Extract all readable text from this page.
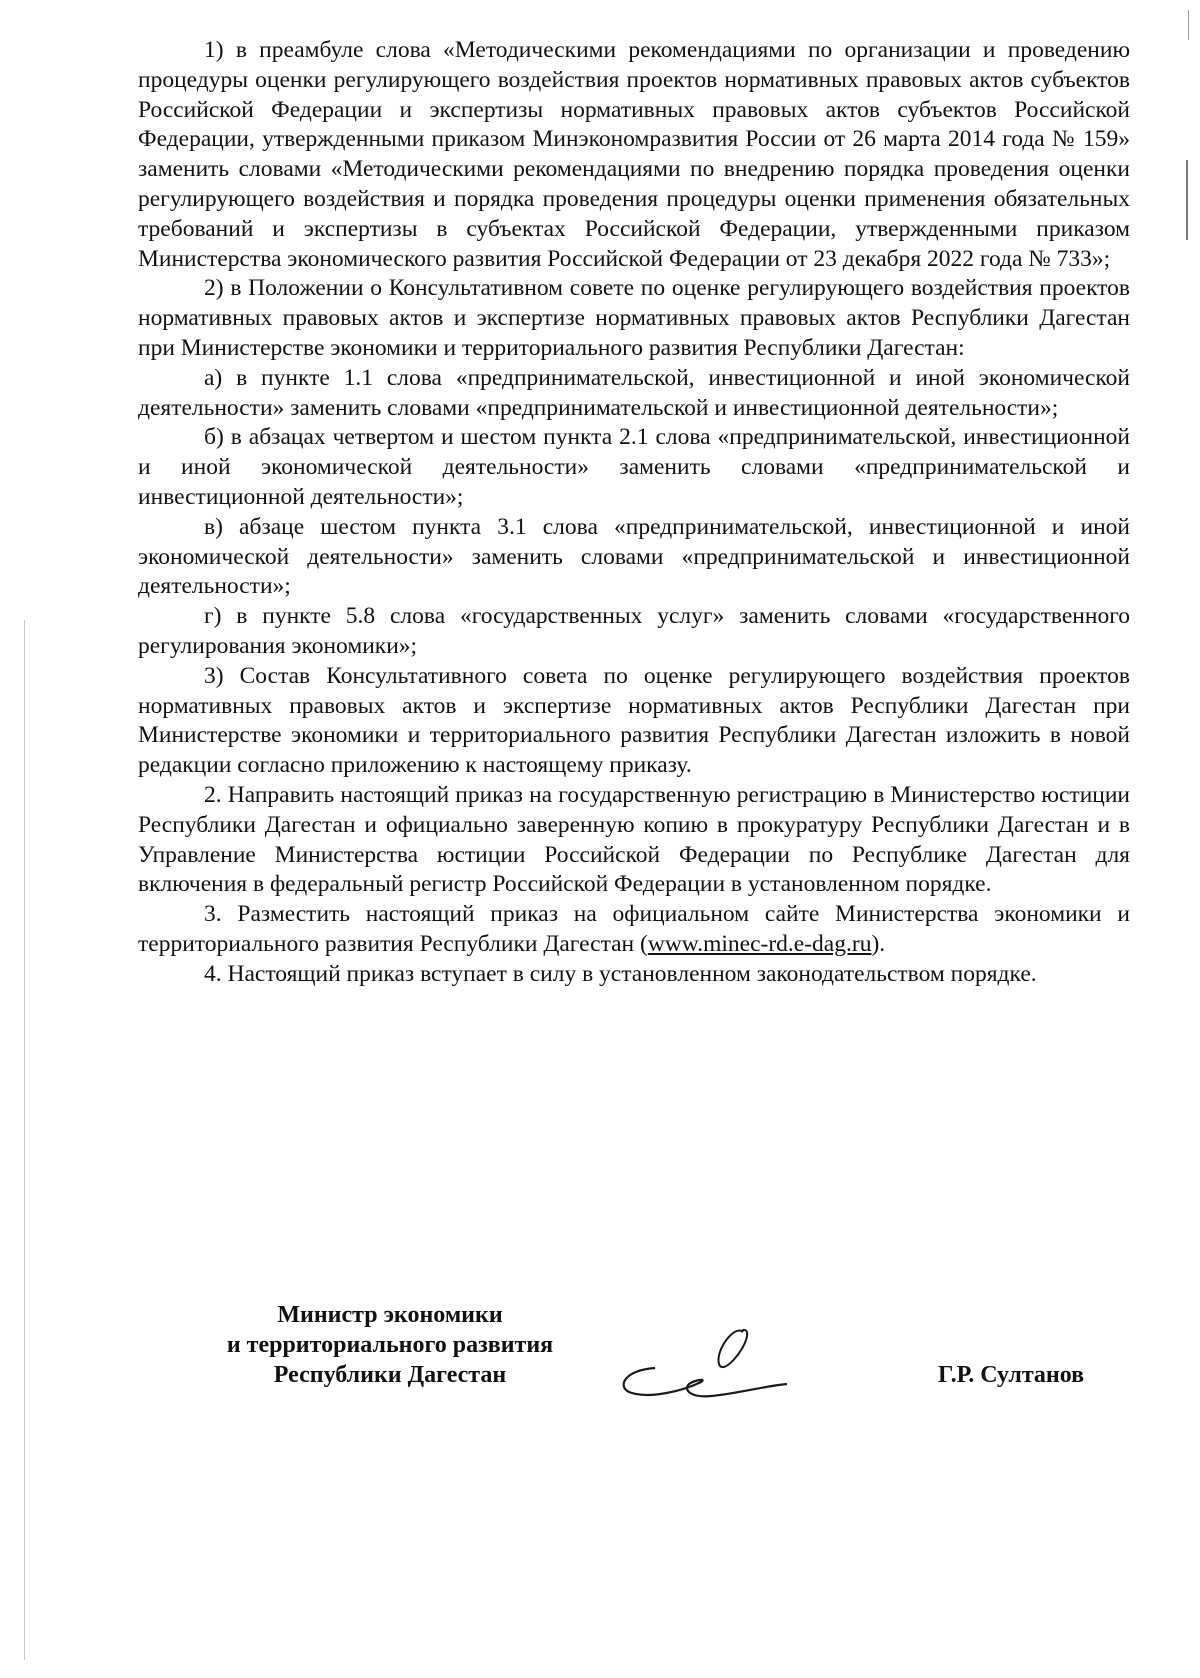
1) в преамбуле слова «Методическими рекомендациями по организации и проведению процедуры оценки регулирующего воздействия проектов нормативных правовых актов субъектов Российской Федерации и экспертизы нормативных правовых актов субъектов Российской Федерации, утвержденными приказом Минэкономразвития России от 26 марта 2014 года № 159» заменить словами «Методическими рекомендациями по внедрению порядка проведения оценки регулирующего воздействия и порядка проведения процедуры оценки применения обязательных требований и экспертизы в субъектах Российской Федерации, утвержденными приказом Министерства экономического развития Российской Федерации от 23 декабря 2022 года № 733»;

2) в Положении о Консультативном совете по оценке регулирующего воздействия проектов нормативных правовых актов и экспертизе нормативных правовых актов Республики Дагестан при Министерстве экономики и территориального развития Республики Дагестан:

а) в пункте 1.1 слова «предпринимательской, инвестиционной и иной экономической деятельности» заменить словами «предпринимательской и инвестиционной деятельности»;

б) в абзацах четвертом и шестом пункта 2.1 слова «предпринимательской, инвестиционной и иной экономической деятельности» заменить словами «предпринимательской и инвестиционной деятельности»;

в) абзаце шестом пункта 3.1 слова «предпринимательской, инвестиционной и иной экономической деятельности» заменить словами «предпринимательской и инвестиционной деятельности»;

г) в пункте 5.8 слова «государственных услуг» заменить словами «государственного регулирования экономики»;

3) Состав Консультативного совета по оценке регулирующего воздействия проектов нормативных правовых актов и экспертизе нормативных актов Республики Дагестан при Министерстве экономики и территориального развития Республики Дагестан изложить в новой редакции согласно приложению к настоящему приказу.

2. Направить настоящий приказ на государственную регистрацию в Министерство юстиции Республики Дагестан и официально заверенную копию в прокуратуру Республики Дагестан и в Управление Министерства юстиции Российской Федерации по Республике Дагестан для включения в федеральный регистр Российской Федерации в установленном порядке.

3. Разместить настоящий приказ на официальном сайте Министерства экономики и территориального развития Республики Дагестан (www.minec-rd.e-dag.ru).

4. Настоящий приказ вступает в силу в установленном законодательством порядке.

Министр экономики
и территориального развития
Республики Дагестан	Г.Р. Султанов
